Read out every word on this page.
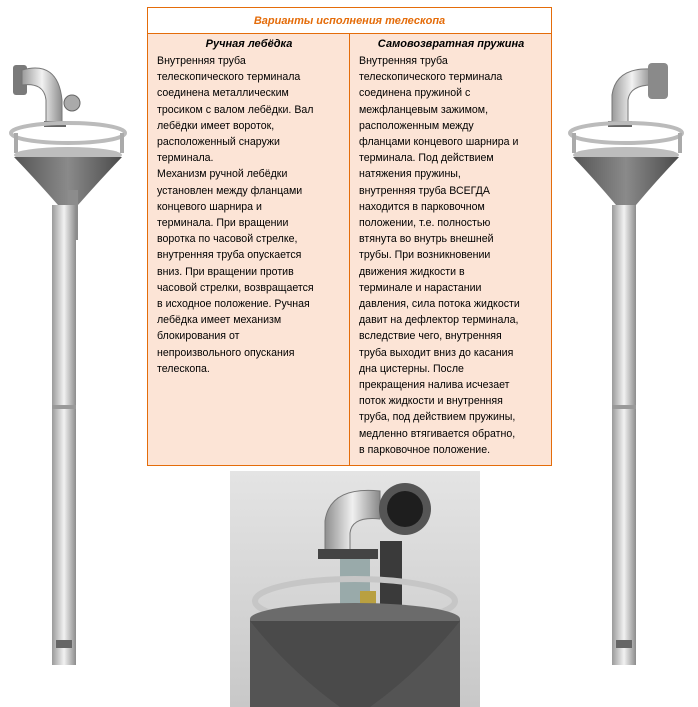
Варианты исполнения телескопа
Ручная лебёдка
Внутренняя труба
телескопического терминала
соединена металлическим
тросиком с валом лебёдки. Вал
лебёдки имеет вороток,
расположенный снаружи
терминала.
Механизм ручной лебёдки
установлен между фланцами
концевого шарнира и
терминала. При вращении
воротка по часовой стрелке,
внутренняя труба опускается
вниз. При вращении против
часовой стрелки, возвращается
в исходное положение. Ручная
лебёдка имеет механизм
блокирования от
непроизвольного опускания
телескопа.
Самовозвратная пружина
Внутренняя труба
телескопического терминала
соединена пружиной с
межфланцевым зажимом,
расположенным между
фланцами концевого шарнира и
терминала. Под действием
натяжения пружины,
внутренняя труба ВСЕГДА
находится в парковочном
положении, т.е. полностью
втянута во внутрь внешней
трубы. При возникновении
движения жидкости в
терминале и нарастании
давления, сила потока жидкости
давит на дефлектор терминала,
вследствие чего, внутренняя
труба выходит вниз до касания
дна цистерны. После
прекращения налива исчезает
поток жидкости и внутренняя
труба, под действием пружины,
медленно втягивается обратно,
в парковочное положение.
